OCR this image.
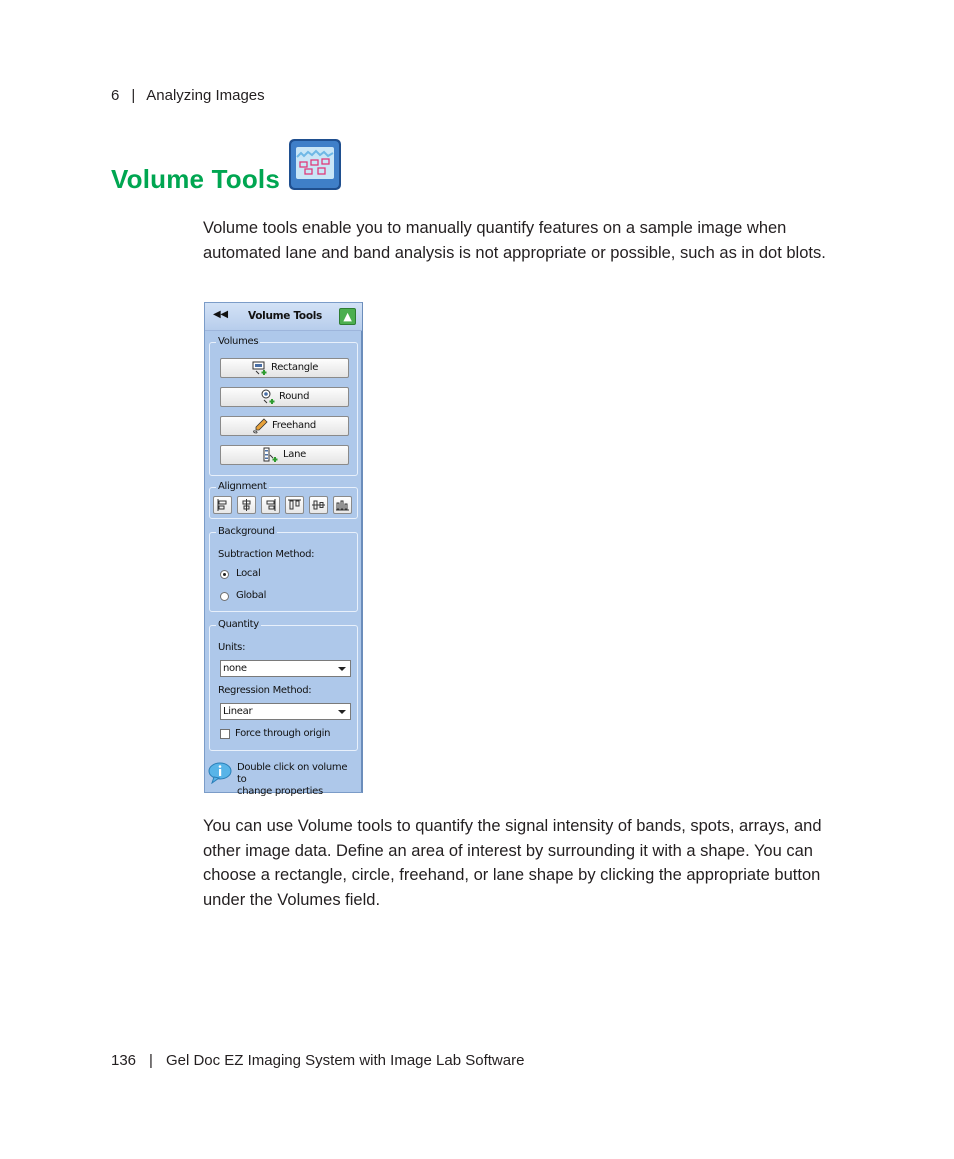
6 | Analyzing Images
Volume Tools
Volume tools enable you to manually quantify features on a sample image when automated lane and band analysis is not appropriate or possible, such as in dot blots.
◀◀ Volume Tools	▲
Volumes
Rectangle
Round
Freehand
Lane
Alignment
Background
Subtraction Method:
Local
Global
Quantity
Units:
none
Regression Method:
Linear
Force through origin
Double click on volume to
change properties
You can use Volume tools to quantify the signal intensity of bands, spots, arrays, and other image data. Define an area of interest by surrounding it with a shape. You can choose a rectangle, circle, freehand, or lane shape by clicking the appropriate button under the Volumes field.
136 | Gel Doc EZ Imaging System with Image Lab Software
